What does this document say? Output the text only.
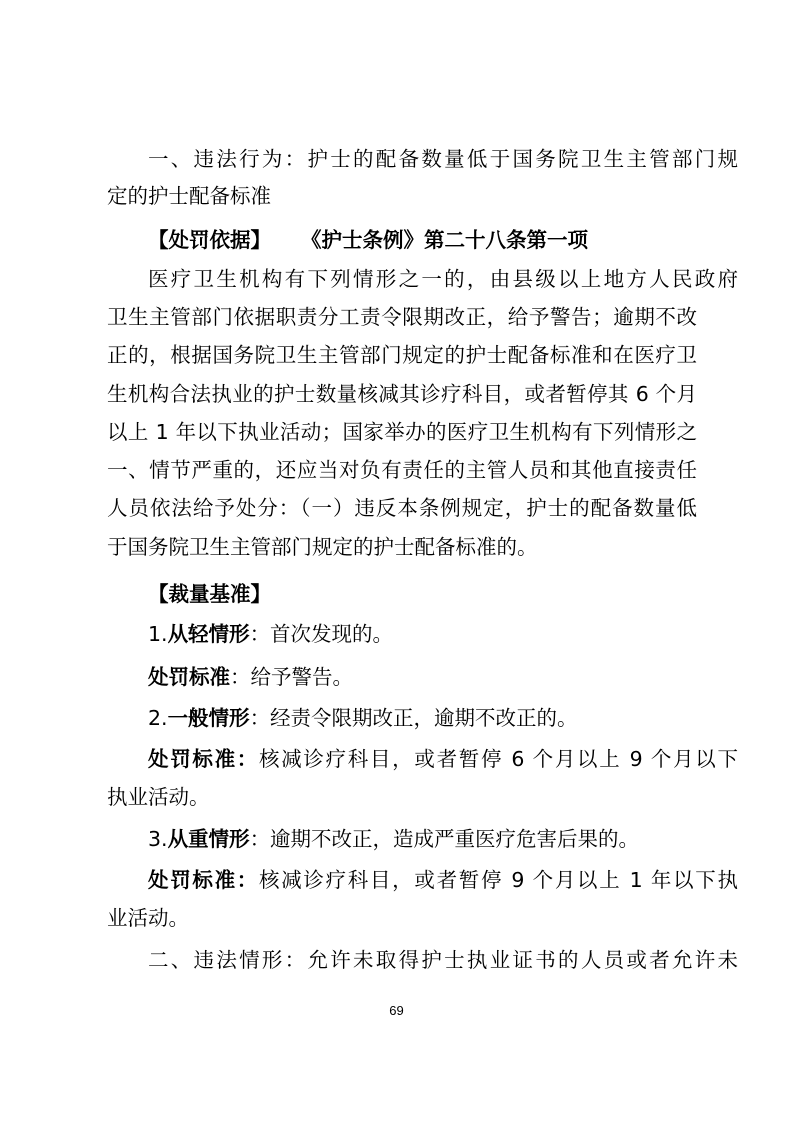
一、违法行为：护士的配备数量低于国务院卫生主管部门规
定的护士配备标准
【处罚依据】 《护士条例》第二十八条第一项
医疗卫生机构有下列情形之一的，由县级以上地方人民政府
卫生主管部门依据职责分工责令限期改正，给予警告；逾期不改
正的，根据国务院卫生主管部门规定的护士配备标准和在医疗卫
生机构合法执业的护士数量核减其诊疗科目，或者暂停其 6 个月
以上 1 年以下执业活动；国家举办的医疗卫生机构有下列情形之
一、情节严重的，还应当对负有责任的主管人员和其他直接责任
人员依法给予处分：（一）违反本条例规定，护士的配备数量低
于国务院卫生主管部门规定的护士配备标准的。
【裁量基准】
1.从轻情形：首次发现的。
处罚标准：给予警告。
2.一般情形：经责令限期改正，逾期不改正的。
处罚标准：核减诊疗科目，或者暂停 6 个月以上 9 个月以下
执业活动。
3.从重情形：逾期不改正，造成严重医疗危害后果的。
处罚标准：核减诊疗科目，或者暂停 9 个月以上 1 年以下执
业活动。
二、违法情形：允许未取得护士执业证书的人员或者允许未
69
